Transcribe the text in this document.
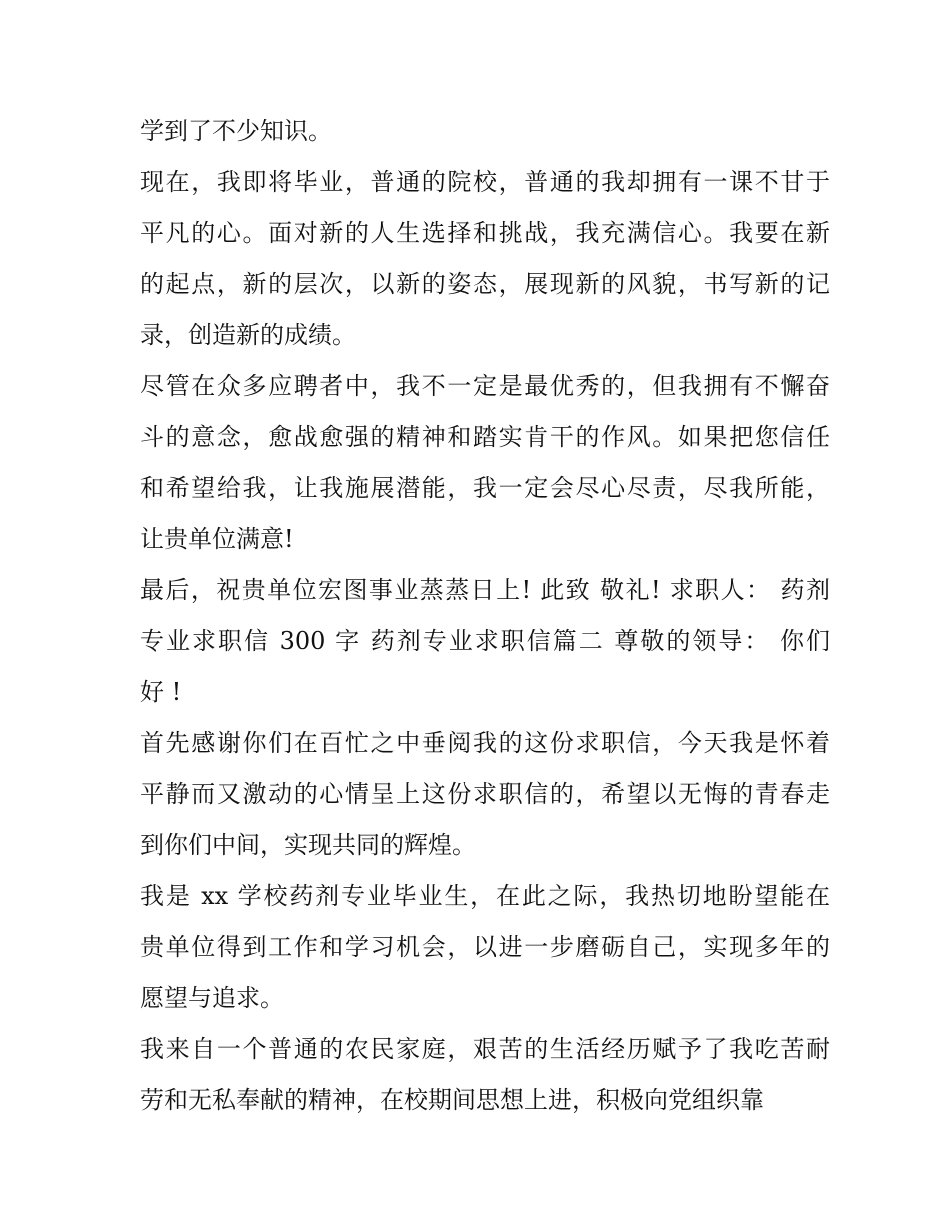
学到了不少知识。
现在，我即将毕业，普通的院校，普通的我却拥有一课不甘于
平凡的心。面对新的人生选择和挑战，我充满信心。我要在新
的起点，新的层次，以新的姿态，展现新的风貌，书写新的记
录，创造新的成绩。
尽管在众多应聘者中，我不一定是最优秀的，但我拥有不懈奋
斗的意念，愈战愈强的精神和踏实肯干的作风。如果把您信任
和希望给我，让我施展潜能，我一定会尽心尽责，尽我所能，
让贵单位满意!
最后，祝贵单位宏图事业蒸蒸日上! 此致 敬礼! 求职人： 药剂
专业求职信 300 字 药剂专业求职信篇二 尊敬的领导： 你们
好 !
首先感谢你们在百忙之中垂阅我的这份求职信，今天我是怀着
平静而又激动的心情呈上这份求职信的，希望以无悔的青春走
到你们中间，实现共同的辉煌。
我是 xx 学校药剂专业毕业生，在此之际，我热切地盼望能在
贵单位得到工作和学习机会，以进一步磨砺自己，实现多年的
愿望与追求。
我来自一个普通的农民家庭，艰苦的生活经历赋予了我吃苦耐
劳和无私奉献的精神，在校期间思想上进，积极向党组织靠
